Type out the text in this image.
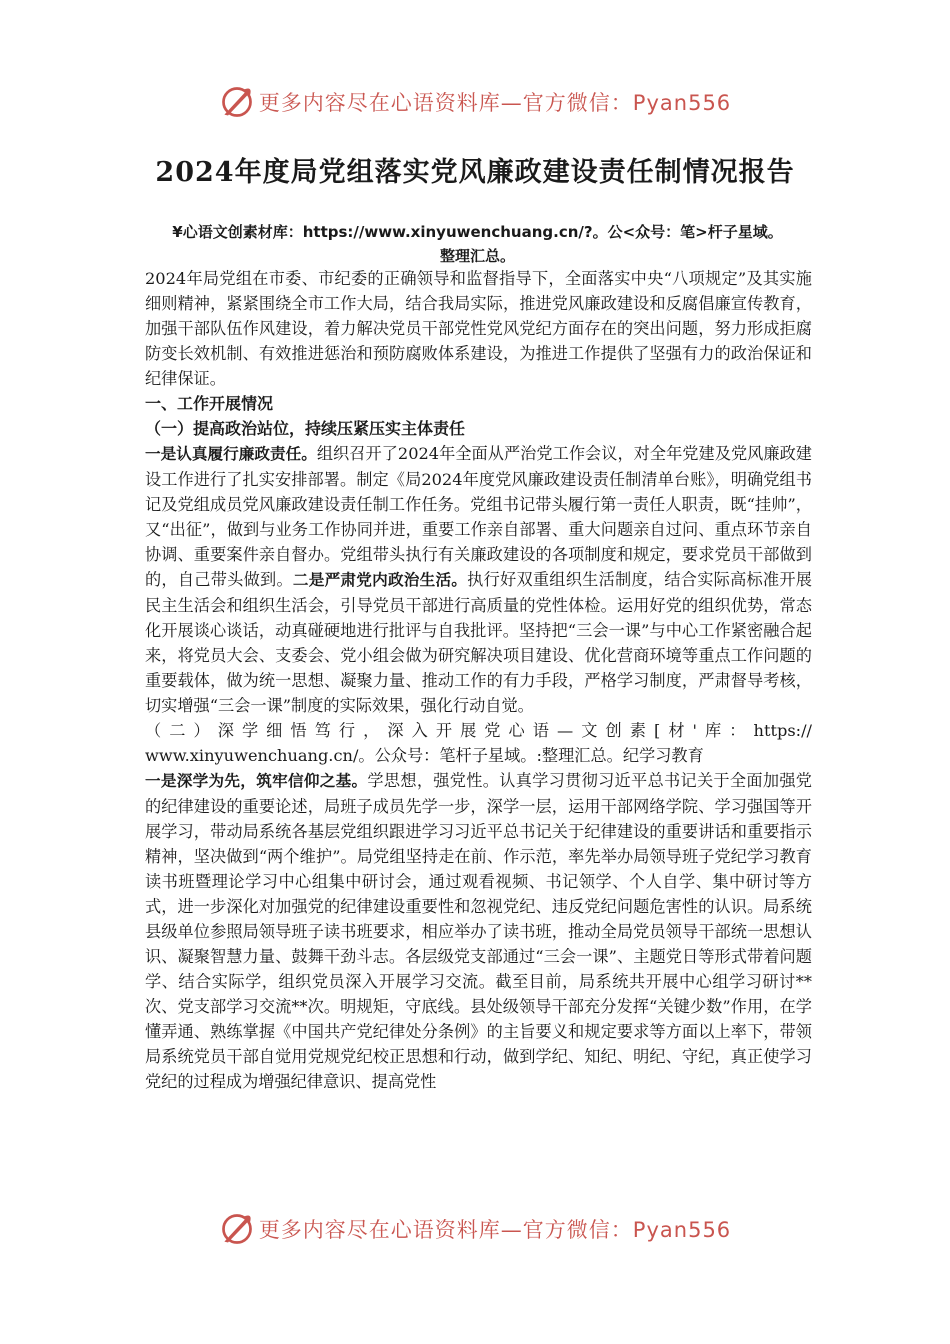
更多内容尽在心语资料库—官方微信：Pyan556
2024年度局党组落实党风廉政建设责任制情况报告
¥心语文创素材库：https://www.xinyuwenchuang.cn/?。公<众号：笔>杆子星域。
整理汇总。

2024年局党组在市委、市纪委的正确领导和监督指导下，全面落实中央“八项规定”及其实施细则精神，紧紧围绕全市工作大局，结合我局实际，推进党风廉政建设和反腐倡廉宣传教育，加强干部队伍作风建设，着力解决党员干部党性党风党纪方面存在的突出问题，努力形成拒腐防变长效机制、有效推进惩治和预防腐败体系建设，为推进工作提供了坚强有力的政治保证和纪律保证。

一、工作开展情况

（一）提高政治站位，持续压紧压实主体责任

一是认真履行廉政责任。组织召开了2024年全面从严治党工作会议，对全年党建及党风廉政建设工作进行了扎实安排部署。制定《局2024年度党风廉政建设责任制清单台账》，明确党组书记及党组成员党风廉政建设责任制工作任务。党组书记带头履行第一责任人职责，既“挂帅”，又“出征”，做到与业务工作协同并进，重要工作亲自部署、重大问题亲自过问、重点环节亲自协调、重要案件亲自督办。党组带头执行有关廉政建设的各项制度和规定，要求党员干部做到的，自己带头做到。二是严肃党内政治生活。执行好双重组织生活制度，结合实际高标准开展民主生活会和组织生活会，引导党员干部进行高质量的党性体检。运用好党的组织优势，常态化开展谈心谈话，动真碰硬地进行批评与自我批评。坚持把“三会一课”与中心工作紧密融合起来，将党员大会、支委会、党小组会做为研究解决项目建设、优化营商环境等重点工作问题的重要载体，做为统一思想、凝聚力量、推动工作的有力手段，严格学习制度，严肃督导考核，切实增强“三会一课”制度的实际效果，强化行动自觉。

（二）深学细悟笃行，深入开展党心语—文创素[材'库：https://

www.xinyuwenchuang.cn/。公众号：笔杆子星域。:整理汇总。纪学习教育

一是深学为先，筑牢信仰之基。学思想，强党性。认真学习贯彻习近平总书记关于全面加强党的纪律建设的重要论述，局班子成员先学一步，深学一层，运用干部网络学院、学习强国等开展学习，带动局系统各基层党组织跟进学习习近平总书记关于纪律建设的重要讲话和重要指示精神，坚决做到“两个维护”。局党组坚持走在前、作示范，率先举办局领导班子党纪学习教育读书班暨理论学习中心组集中研讨会，通过观看视频、书记领学、个人自学、集中研讨等方式，进一步深化对加强党的纪律建设重要性和忽视党纪、违反党纪问题危害性的认识。局系统县级单位参照局领导班子读书班要求，相应举办了读书班，推动全局党员领导干部统一思想认识、凝聚智慧力量、鼓舞干劲斗志。各层级党支部通过“三会一课”、主题党日等形式带着问题学、结合实际学，组织党员深入开展学习交流。截至目前，局系统共开展中心组学习研讨**次、党支部学习交流**次。明规矩，守底线。县处级领导干部充分发挥“关键少数”作用，在学懂弄通、熟练掌握《中国共产党纪律处分条例》的主旨要义和规定要求等方面以上率下，带领局系统党员干部自觉用党规党纪校正思想和行动，做到学纪、知纪、明纪、守纪，真正使学习党纪的过程成为增强纪律意识、提高党性

更多内容尽在心语资料库—官方微信：Pyan556
